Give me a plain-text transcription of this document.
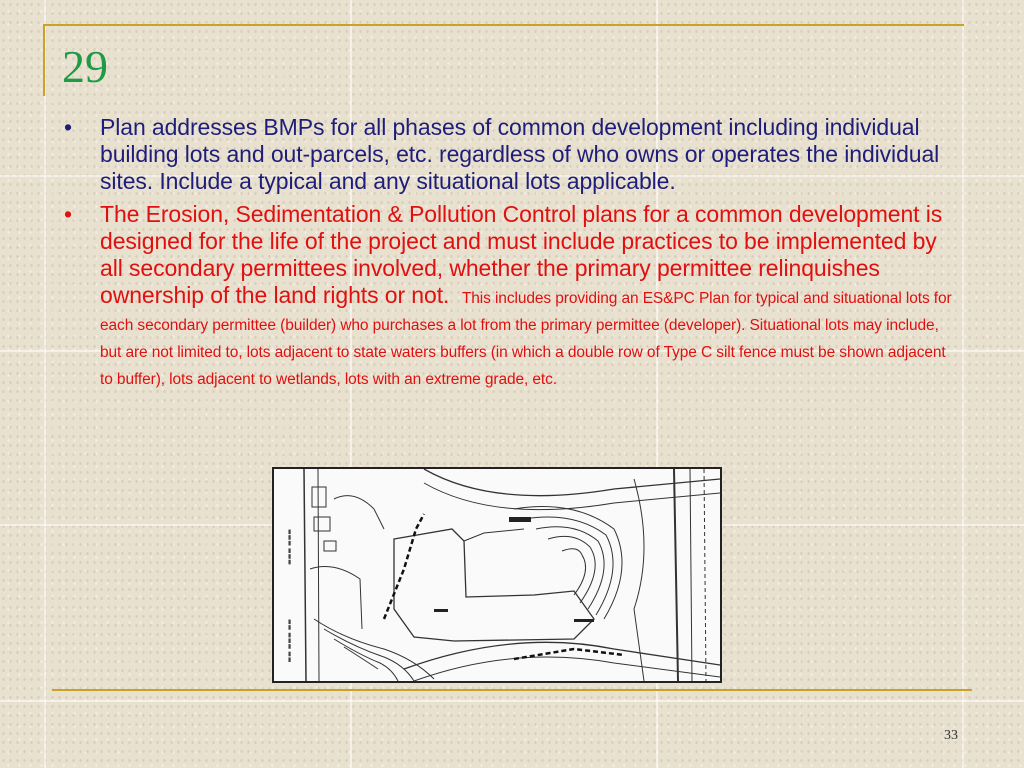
29
•	Plan addresses BMPs for all phases of common development including individual building lots and out-parcels, etc. regardless of who owns or operates the individual sites. Include a typical and any situational lots applicable.
•	The Erosion, Sedimentation & Pollution Control plans for a common development is designed for the life of the project and must include practices to be implemented by all secondary permittees involved, whether the primary permittee relinquishes ownership of the land rights or not. This includes providing an ES&PC Plan for typical and situational lots for each secondary permittee (builder) who purchases a lot from the primary permittee (developer). Situational lots may include, but are not limited to, lots adjacent to state waters buffers (in which a double row of Type C silt fence must be shown adjacent to buffer), lots adjacent to wetlands, lots with an extreme grade, etc.
▬▬▬ ▬▬▬
▬▬ ▬▬▬ ▬▬
33
